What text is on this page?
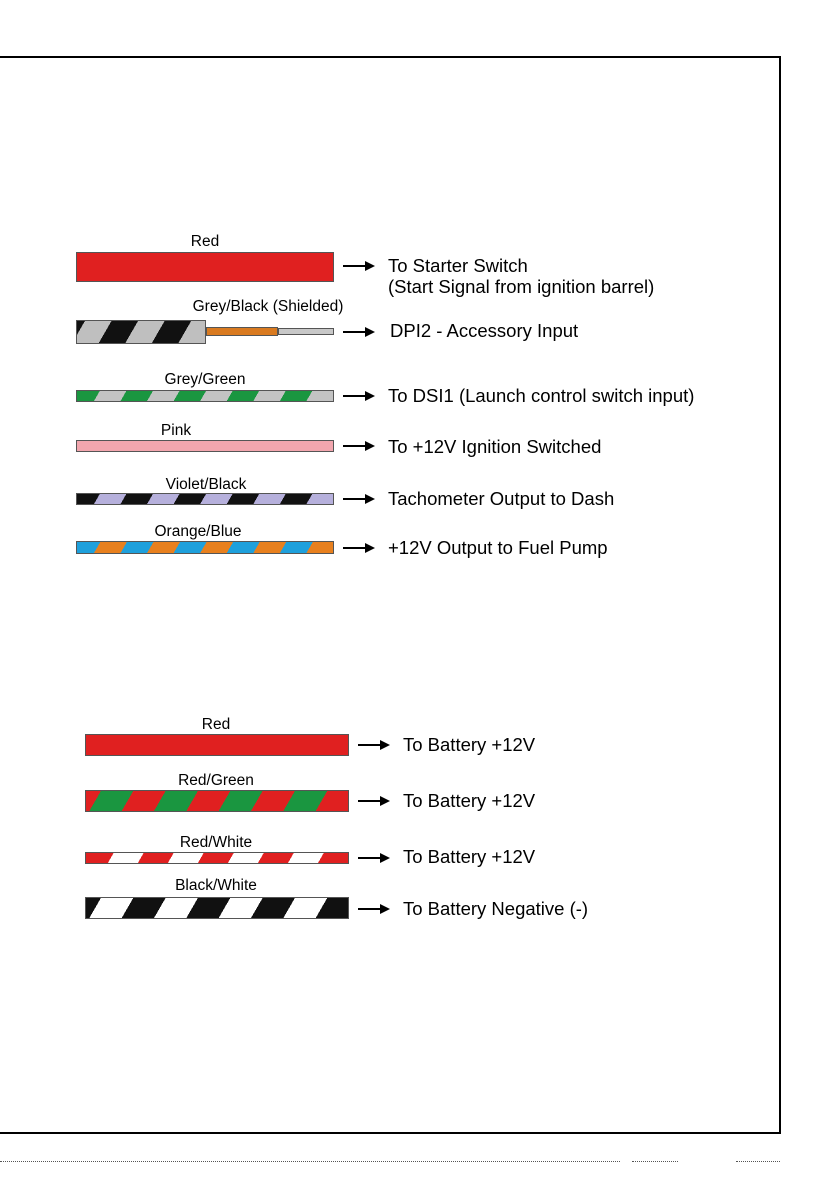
Red
To Starter Switch
(Start Signal from ignition barrel)
Grey/Black (Shielded)
DPI2 - Accessory Input
Grey/Green
To DSI1 (Launch control switch input)
Pink
To +12V Ignition Switched
Violet/Black
Tachometer Output to Dash
Orange/Blue
+12V Output to Fuel Pump
Red
To Battery +12V
Red/Green
To Battery +12V
Red/White
To Battery +12V
Black/White
To Battery Negative (-)
